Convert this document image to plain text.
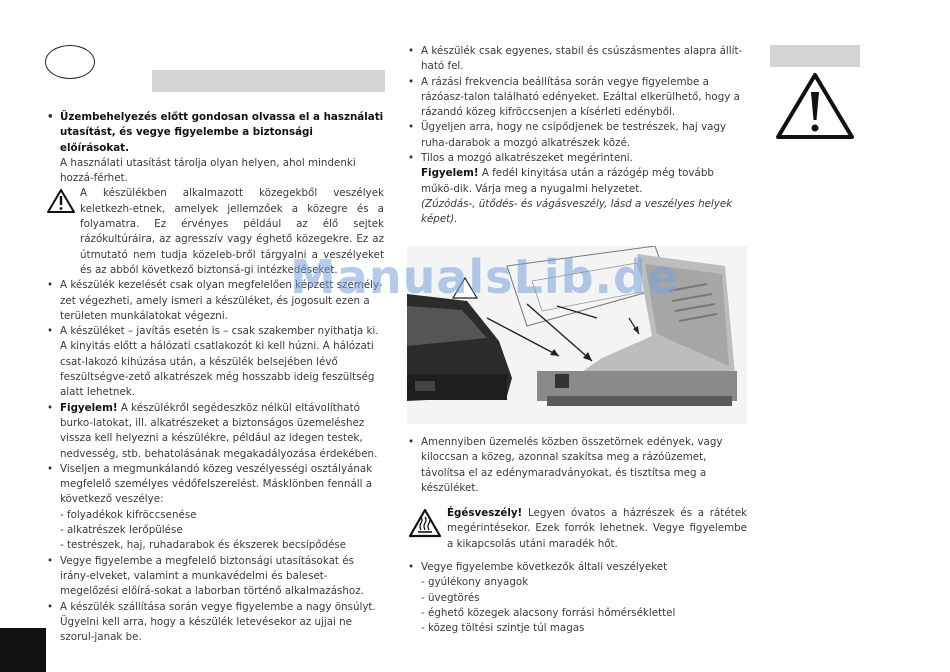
• Üzembehelyezés előtt gondosan olvassa el a használati utasítást, és vegye figyelembe a biztonsági előírásokat.

A használati utasítást tárolja olyan helyen, ahol mindenki hozzá-férhet.

A készülékben alkalmazott közegekből veszélyek keletkezh-etnek, amelyek jellemzőek a közegre és a folyamatra. Ez érvényes például az élő sejtek rázókultúráira, az agresszív vagy éghető közegekre. Ez az útmutató nem tudja közeleb-bről tárgyalni a veszélyeket és az abból következő biztonsá-gi intézkedéseket.

• A készülék kezelését csak olyan megfelelően képzett személy-zet végezheti, amely ismeri a készüléket, és jogosult ezen a területen munkálatokat végezni.

• A készüléket – javítás esetén is – csak szakember nyithatja ki. A kinyitás előtt a hálózati csatlakozót ki kell húzni. A hálózati csat-lakozó kihúzása után, a készülék belsejében lévő feszültségve-zető alkatrészek még hosszabb ideig feszültség alatt lehetnek.

• Figyelem! A készülékről segédeszköz nélkül eltávolítható burko-latokat, ill. alkatrészeket a biztonságos üzemeléshez vissza kell helyezni a készülékre, például az idegen testek, nedvesség, stb. behatolásának megakadályozása érdekében.

• Viseljen a megmunkálandó közeg veszélyességi osztályának megfelelő személyes védőfelszerelést. Másklönben fennáll a következő veszélye:

- folyadékok kifröccsenése

- alkatrészek lerőpülése

- testrészek, haj, ruhadarabok és ékszerek becsípődése

• Vegye figyelembe a megfelelő biztonsági utasításokat és irány-elveket, valamint a munkavédelmi és baleset-megelőzési előírá-sokat a laborban történő alkalmazáshoz.

• A készülék szállítása során vegye figyelembe a nagy önsúlyt. Ügyelni kell arra, hogy a készülék letevésekor az ujjai ne szorul-janak be.

• A készülék csak egyenes, stabil és csúszásmentes alapra állít-ható fel.

• A rázási frekvencia beállítása során vegye figyelembe a rázóasz-talon található edényeket. Ezáltal elkerülhető, hogy a rázandó közeg kifröccsenjen a kísérleti edényből.

• Ügyeljen arra, hogy ne csípődjenek be testrészek, haj vagy ruha-darabok a mozgó alkatrészek közé.

• Tilos a mozgó alkatrészeket megérinteni.

Figyelem! A fedél kinyitása után a rázógép még tovább műkö-dik. Várja meg a nyugalmi helyzetet.

(Zúzódás-, ütődés- és vágásveszély, lásd a veszélyes helyek képet).

• Amennyiben üzemelés közben összetörnek edények, vagy kiloccsan a közeg, azonnal szakítsa meg a rázóüzemet, távolítsa el az edénymaradványokat, és tisztítsa meg a készüléket.

Égésveszély! Legyen óvatos a házrészek és a rátétek megérintésekor. Ezek forrók lehetnek. Vegye figyelembe a kikapcsolás utáni maradék hőt.

• Vegye figyelembe következők általi veszélyeket

- gyúlékony anyagok

- üvegtörés

- éghető közegek alacsony forrási hőmérséklettel

- közeg töltési szintje túl magas

ManualsLib.de
